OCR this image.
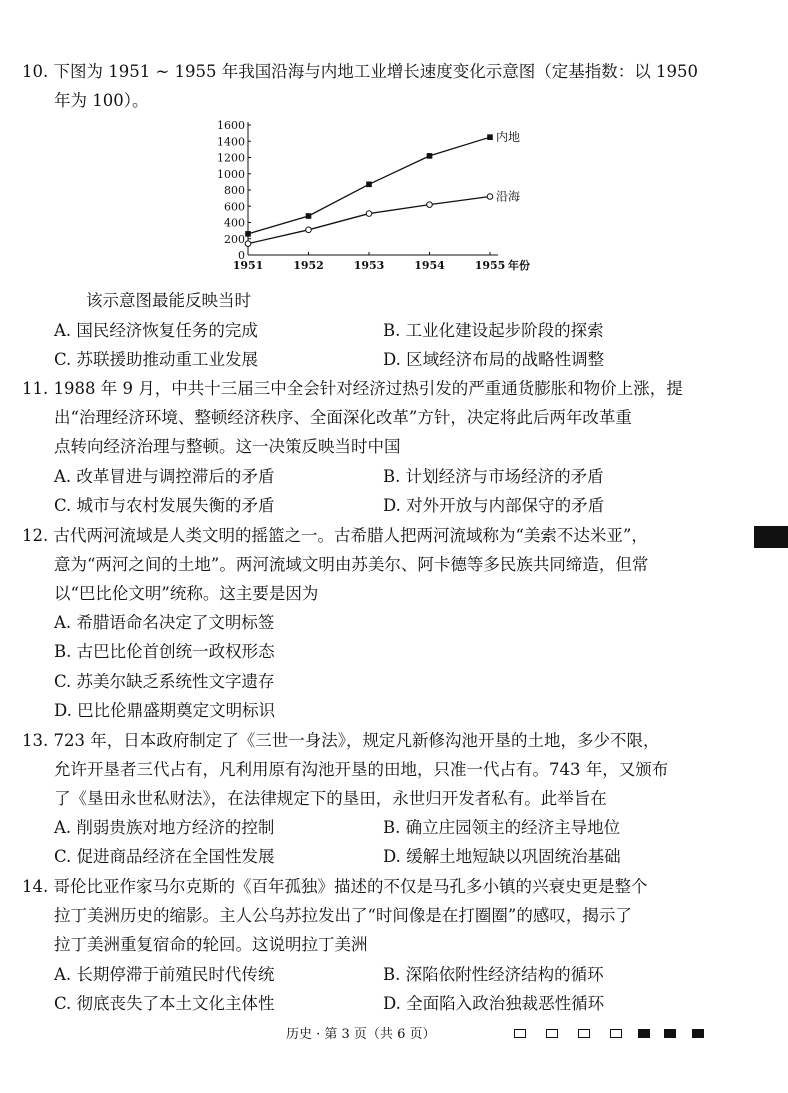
10. 下图为 1951 ~ 1955 年我国沿海与内地工业增长速度变化示意图（定基指数：以 1950
年为 100）。
0
200
400
600
800
1000
1200
1400
1600
1951	1952	1953	1954	1955 年份
内地
沿海
该示意图最能反映当时
A. 国民经济恢复任务的完成	B. 工业化建设起步阶段的探索
C. 苏联援助推动重工业发展	D. 区域经济布局的战略性调整
11. 1988 年 9 月，中共十三届三中全会针对经济过热引发的严重通货膨胀和物价上涨，提
出“治理经济环境、整顿经济秩序、全面深化改革”方针，决定将此后两年改革重
点转向经济治理与整顿。这一决策反映当时中国
A. 改革冒进与调控滞后的矛盾	B. 计划经济与市场经济的矛盾
C. 城市与农村发展失衡的矛盾	D. 对外开放与内部保守的矛盾
12. 古代两河流域是人类文明的摇篮之一。古希腊人把两河流域称为“美索不达米亚”，
意为“两河之间的土地”。两河流域文明由苏美尔、阿卡德等多民族共同缔造，但常
以“巴比伦文明”统称。这主要是因为
A. 希腊语命名决定了文明标签
B. 古巴比伦首创统一政权形态
C. 苏美尔缺乏系统性文字遗存
D. 巴比伦鼎盛期奠定文明标识
13. 723 年，日本政府制定了《三世一身法》，规定凡新修沟池开垦的土地，多少不限，
允许开垦者三代占有，凡利用原有沟池开垦的田地，只准一代占有。743 年，又颁布
了《垦田永世私财法》，在法律规定下的垦田，永世归开发者私有。此举旨在
A. 削弱贵族对地方经济的控制	B. 确立庄园领主的经济主导地位
C. 促进商品经济在全国性发展	D. 缓解土地短缺以巩固统治基础
14. 哥伦比亚作家马尔克斯的《百年孤独》描述的不仅是马孔多小镇的兴衰史更是整个
拉丁美洲历史的缩影。主人公乌苏拉发出了“时间像是在打圈圈”的感叹，揭示了
拉丁美洲重复宿命的轮回。这说明拉丁美洲
A. 长期停滞于前殖民时代传统	B. 深陷依附性经济结构的循环
C. 彻底丧失了本土文化主体性	D. 全面陷入政治独裁恶性循环
历史 · 第 3 页（共 6 页）
